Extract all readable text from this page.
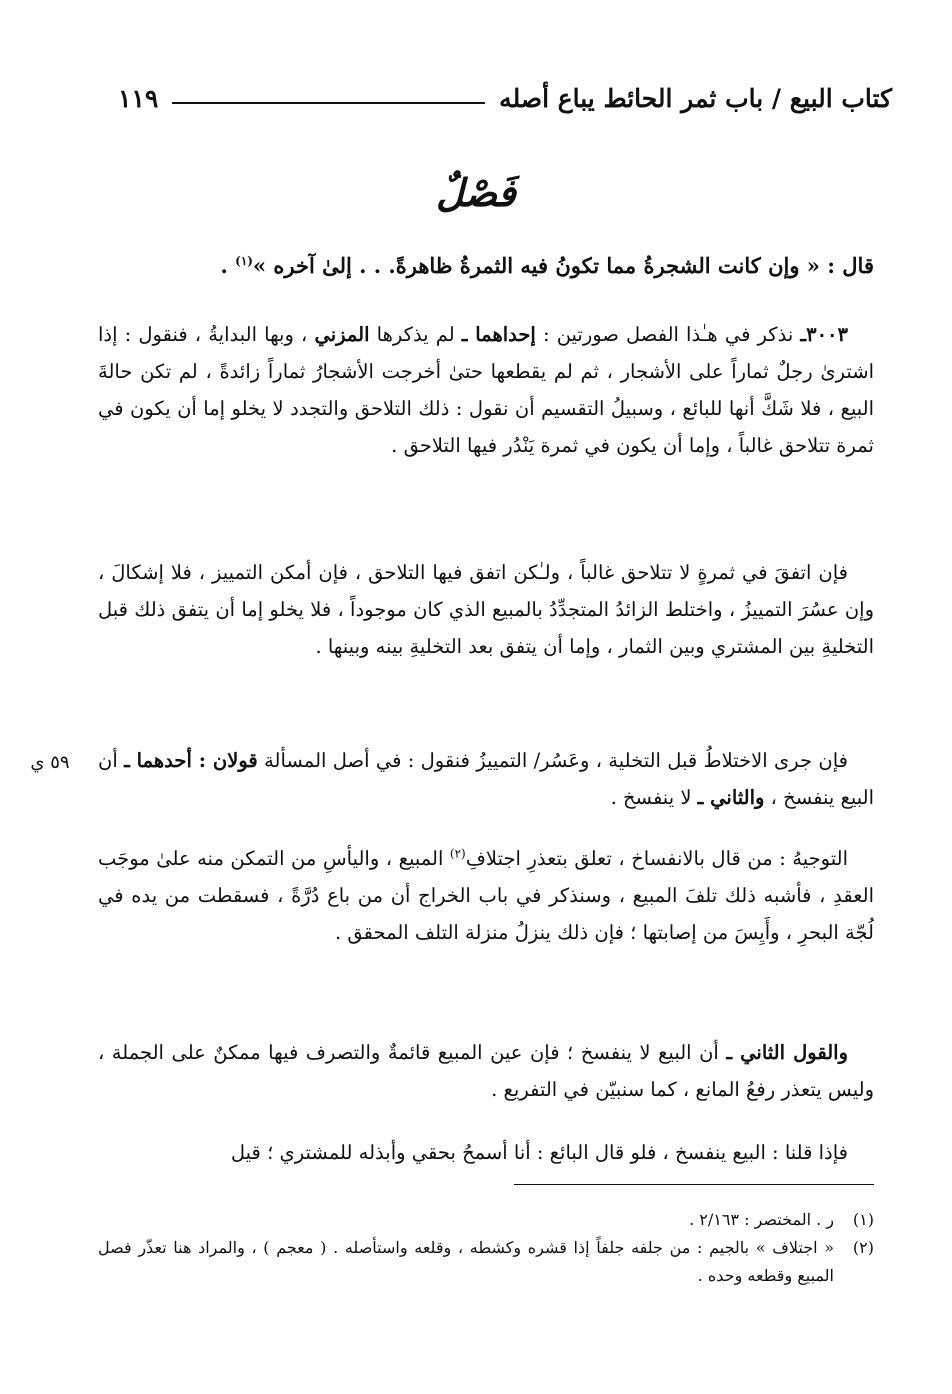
كتاب البيع / باب ثمر الحائط يباع أصله
١١٩
فَصْلٌ
قال : « وإن كانت الشجرةُ مما تكونُ فيه الثمرةُ ظاهرةً. . . إلىٰ آخره »$^{(١)}$ .

٣٠٠٣ـ نذكر في هـٰذا الفصل صورتين : إحداهما ـ لم يذكرها المزني ، وبها البدايةُ ، فنقول : إذا اشترىٰ رجلٌ ثماراً على الأشجار ، ثم لم يقطعها حتىٰ أخرجت الأشجارُ ثماراً زائدةً ، لم تكن حالةَ البيع ، فلا شَكَّ أنها للبائع ، وسبيلُ التقسيم أن نقول : ذلك التلاحق والتجدد لا يخلو إما أن يكون في ثمرة تتلاحق غالباً ، وإما أن يكون في ثمرة يَنْدُر فيها التلاحق .

فإن اتفقَ في ثمرةٍ لا تتلاحق غالباً ، ولـٰكن اتفق فيها التلاحق ، فإن أمكن التمييز ، فلا إشكالَ ، وإن عسُرَ التمييزُ ، واختلط الزائدُ المتجدِّدُ بالمبيع الذي كان موجوداً ، فلا يخلو إما أن يتفق ذلك قبل التخليةِ بين المشتري وبين الثمار ، وإما أن يتفق بعد التخليةِ بينه وبينها .

فإن جرى الاختلاطُ قبل التخلية ، وعَسُر/ التمييزُ فنقول : في أصل المسألة قولان : أحدهما ـ أن البيع ينفسخ ، والثاني ـ لا ينفسخ .

٥٩ ي

التوجيهُ : من قال بالانفساخ ، تعلق بتعذرِ اجتلافِ$^{(٢)}$ المبيع ، واليأسِ من التمكن منه علىٰ موجَب العقدِ ، فأشبه ذلك تلفَ المبيع ، وسنذكر في باب الخراج أن من باع دُرَّةً ، فسقطت من يده في لُجّة البحرِ ، وأَيِسَ من إصابتها ؛ فإن ذلك ينزلُ منزلة التلف المحقق .

والقول الثاني ـ أن البيع لا ينفسخ ؛ فإن عين المبيع قائمةٌ والتصرف فيها ممكنٌ على الجملة ، وليس يتعذر رفعُ المانع ، كما سنبيّن في التفريع .

فإذا قلنا : البيع ينفسخ ، فلو قال البائع : أنا أسمحُ بحقي وأبذله للمشتري ؛ قيل

(١)
ر . المختصر : ٢/١٦٣ .
(٢)
« اجتلاف » بالجيم : من جلفه جلفاً إذا قشره وكشطه ، وقلعه واستأصله . ( معجم ) ، والمراد هنا تعذّر فصل المبيع وقطعه وحده .
